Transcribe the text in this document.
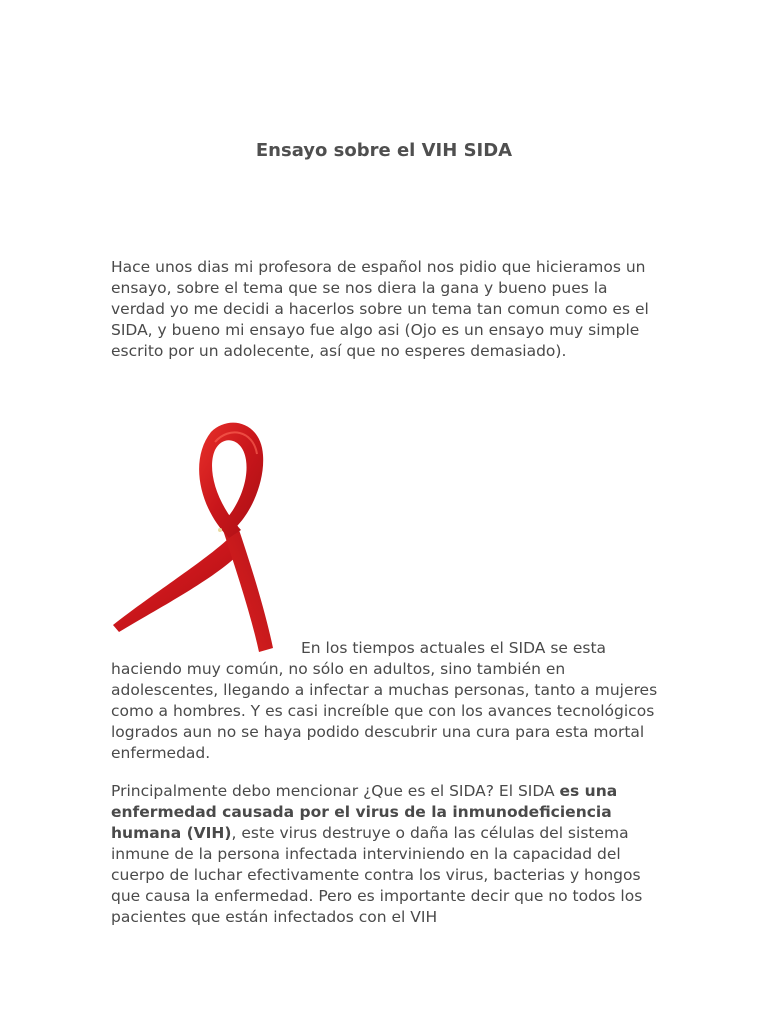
Ensayo sobre el VIH SIDA

Hace unos dias mi profesora de español nos pidio que hicieramos un ensayo, sobre el tema que se nos diera la gana y bueno pues la verdad yo me decidi a hacerlos sobre un tema tan comun como es el SIDA, y bueno mi ensayo fue algo asi (Ojo es un ensayo muy simple escrito por un adolecente, así que no esperes demasiado).

En los tiempos actuales el SIDA se esta haciendo muy común, no sólo en adultos, sino también en adolescentes, llegando a infectar a muchas personas, tanto a mujeres como a hombres. Y es casi increíble que con los avances tecnológicos logrados aun no se haya podido descubrir una cura para esta mortal enfermedad.

Principalmente debo mencionar ¿Que es el SIDA? El SIDA es una enfermedad causada por el virus de la inmunodeficiencia humana (VIH), este virus destruye o daña las células del sistema inmune de la persona infectada interviniendo en la capacidad del cuerpo de luchar efectivamente contra los virus, bacterias y hongos que causa la enfermedad. Pero es importante decir que no todos los pacientes que están infectados con el VIH
